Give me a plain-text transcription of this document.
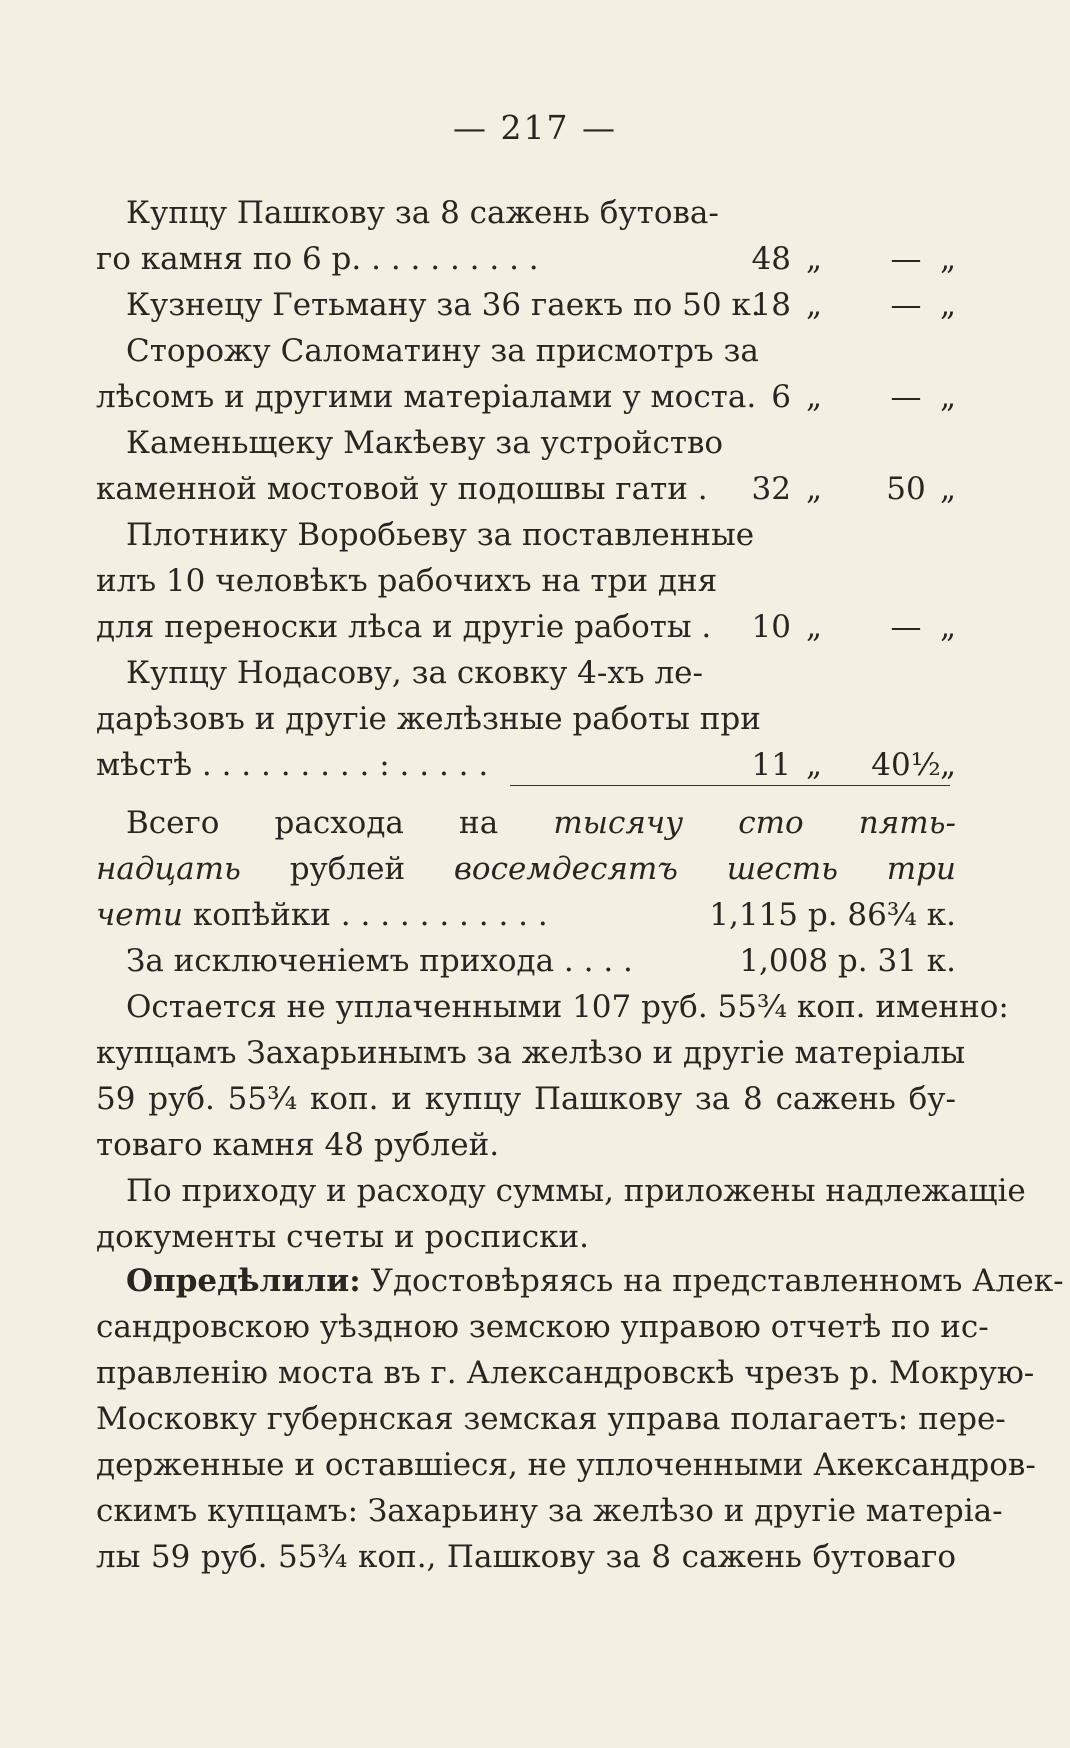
— 217 —
Купцу Пашкову за 8 сажень бутова-
го камня по 6 р. . . . . . . . . .	48 „	— „
Кузнецу Гетьману за 36 гаекъ по 50 к.
18 „	— „
Сторожу Саломатину за присмотръ за
лѣсомъ и другими матеріалами у моста. 6 „	— „
Каменьщеку Макѣеву за устройство
каменной мостовой у подошвы гати . 32 „	50 „
Плотнику Воробьеву за поставленные
илъ 10 человѣкъ рабочихъ на три дня
для переноски лѣса и другіе работы . 10 „	— „
Купцу Нодасову, за сковку 4-хъ ле-
дарѣзовъ и другіе желѣзные работы при
мѣстѣ . . . . . . . . . : . . . . .	11 „	40½ „
Всего расхода на тысячу сто пять-
надцать рублей восемдесятъ шесть три
чети копѣйки . . . . . . . . . . .	1,115 р. 86¾ к.
За исключеніемъ прихода . . . .	1,008 р. 31 к.
Остается не уплаченными 107 руб. 55¾ коп. именно:
купцамъ Захарьинымъ за желѣзо и другіе матеріалы
59 руб. 55¾ коп. и купцу Пашкову за 8 сажень бу-
товаго камня 48 рублей.
По приходу и расходу суммы, приложены надлежащіе
документы счеты и росписки.
Опредѣлили: Удостовѣряясь на представленномъ Алек-
сандровскою уѣздною земскою управою отчетѣ по ис-
правленію моста въ г. Александровскѣ чрезъ р. Мокрую-
Московку губернская земская управа полагаетъ: пере-
держенные и оставшіеся, не уплоченными Акександров-
скимъ купцамъ: Захарьину за желѣзо и другіе матеріа-
лы 59 руб. 55¾ коп., Пашкову за 8 сажень бутоваго
